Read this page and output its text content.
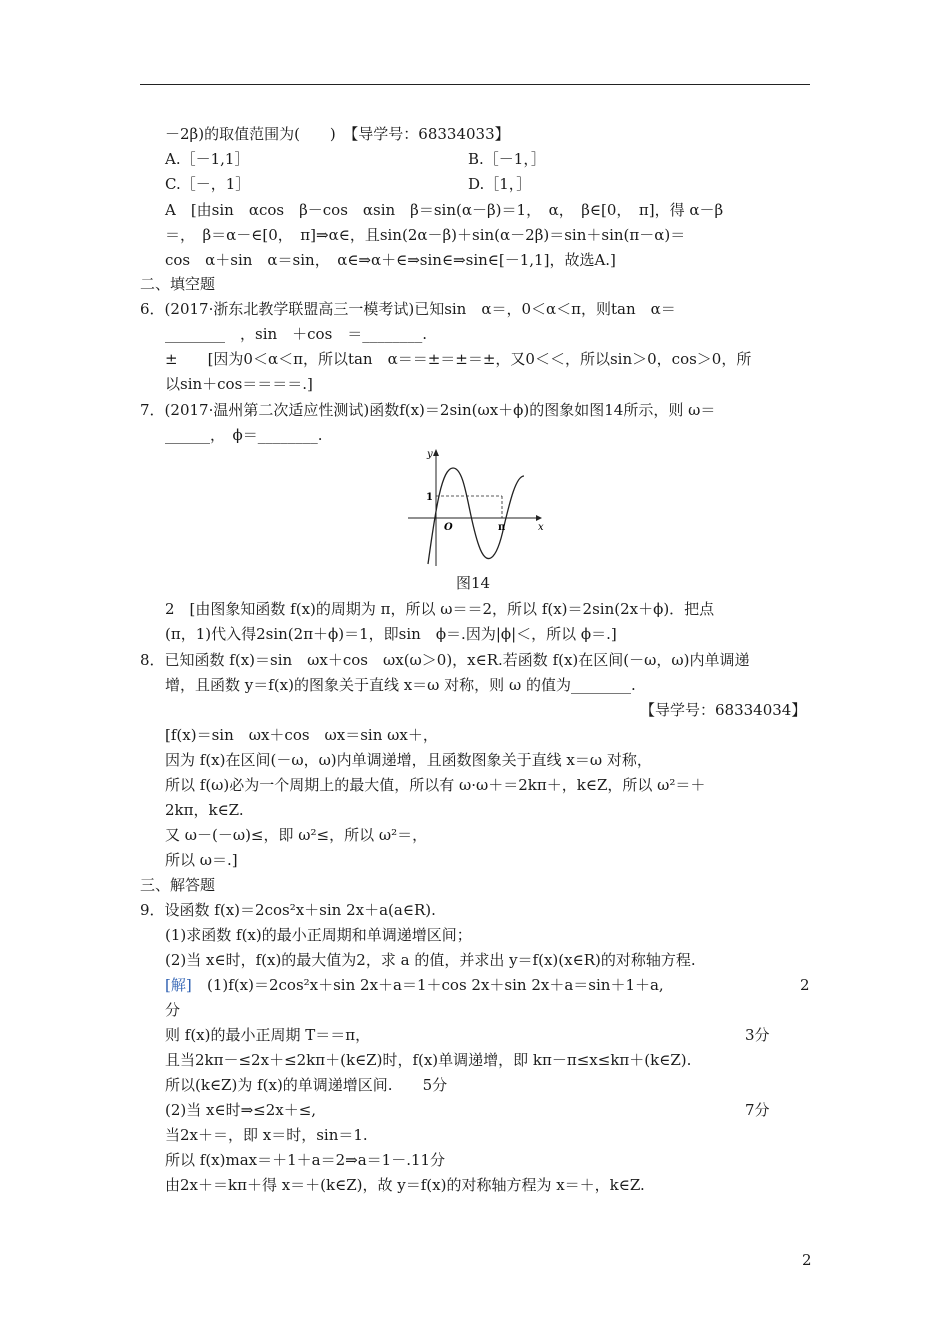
－2β)的取值范围为(　　)　【导学号：68334033】
A.［－1,1］	B.［－1，］
C.［－，1］	D.［1，］
A　[由sin　αcos　β－cos　αsin　β＝sin(α－β)＝1，　α，　β∈[0，　π]，得 α－β
＝，　β＝α－∈[0，　π]⇒α∈，且sin(2α－β)＋sin(α－2β)＝sin＋sin(π－α)＝
cos　α＋sin　α＝sin，　α∈⇒α＋∈⇒sin∈⇒sin∈[－1,1]，故选A.]
二、填空题
6．(2017·浙东北教学联盟高三一模考试)已知sin　α＝，0＜α＜π，则tan　α＝
________　，sin　＋cos　＝________.
±　　[因为0＜α＜π，所以tan　α＝＝±＝±＝±，又0＜＜，所以sin＞0，cos＞0，所
以sin＋cos＝＝＝＝.]
7．(2017·温州第二次适应性测试)函数f(x)＝2sin(ωx＋ϕ)的图象如图14所示，则 ω＝
______，　ϕ＝________.
y
x
1
O	π
图14
2　[由图象知函数 f(x)的周期为 π，所以 ω＝＝2，所以 f(x)＝2sin(2x＋ϕ)．把点
(π，1)代入得2sin(2π＋ϕ)＝1，即sin　ϕ＝.因为|ϕ|＜，所以 ϕ＝.]
8．已知函数 f(x)＝sin　ωx＋cos　ωx(ω＞0)，x∈R.若函数 f(x)在区间(－ω，ω)内单调递
增，且函数 y＝f(x)的图象关于直线 x＝ω 对称，则 ω 的值为________.
【导学号：68334034】
[f(x)＝sin　ωx＋cos　ωx＝sin ωx＋，
因为 f(x)在区间(－ω，ω)内单调递增，且函数图象关于直线 x＝ω 对称，
所以 f(ω)必为一个周期上的最大值，所以有 ω·ω＋＝2kπ＋，k∈Z，所以 ω²＝＋
2kπ，k∈Z.
又 ω－(－ω)≤，即 ω²≤，所以 ω²＝，
所以 ω＝.]
三、解答题
9．设函数 f(x)＝2cos²x＋sin 2x＋a(a∈R).
(1)求函数 f(x)的最小正周期和单调递增区间；
(2)当 x∈时，f(x)的最大值为2，求 a 的值，并求出 y＝f(x)(x∈R)的对称轴方程.
[解] (1)f(x)＝2cos²x＋sin 2x＋a＝1＋cos 2x＋sin 2x＋a＝sin＋1＋a,	2
分
则 f(x)的最小正周期 T＝＝π，	3分
且当2kπ－≤2x＋≤2kπ＋(k∈Z)时，f(x)单调递增，即 kπ－π≤x≤kπ＋(k∈Z).
所以(k∈Z)为 f(x)的单调递增区间.　　5分
(2)当 x∈时⇒≤2x＋≤,	7分
当2x＋＝，即 x＝时，sin＝1.
所以 f(x)max＝＋1＋a＝2⇒a＝1－.11分
由2x＋＝kπ＋得 x＝＋(k∈Z)，故 y＝f(x)的对称轴方程为 x＝＋，k∈Z.
2
